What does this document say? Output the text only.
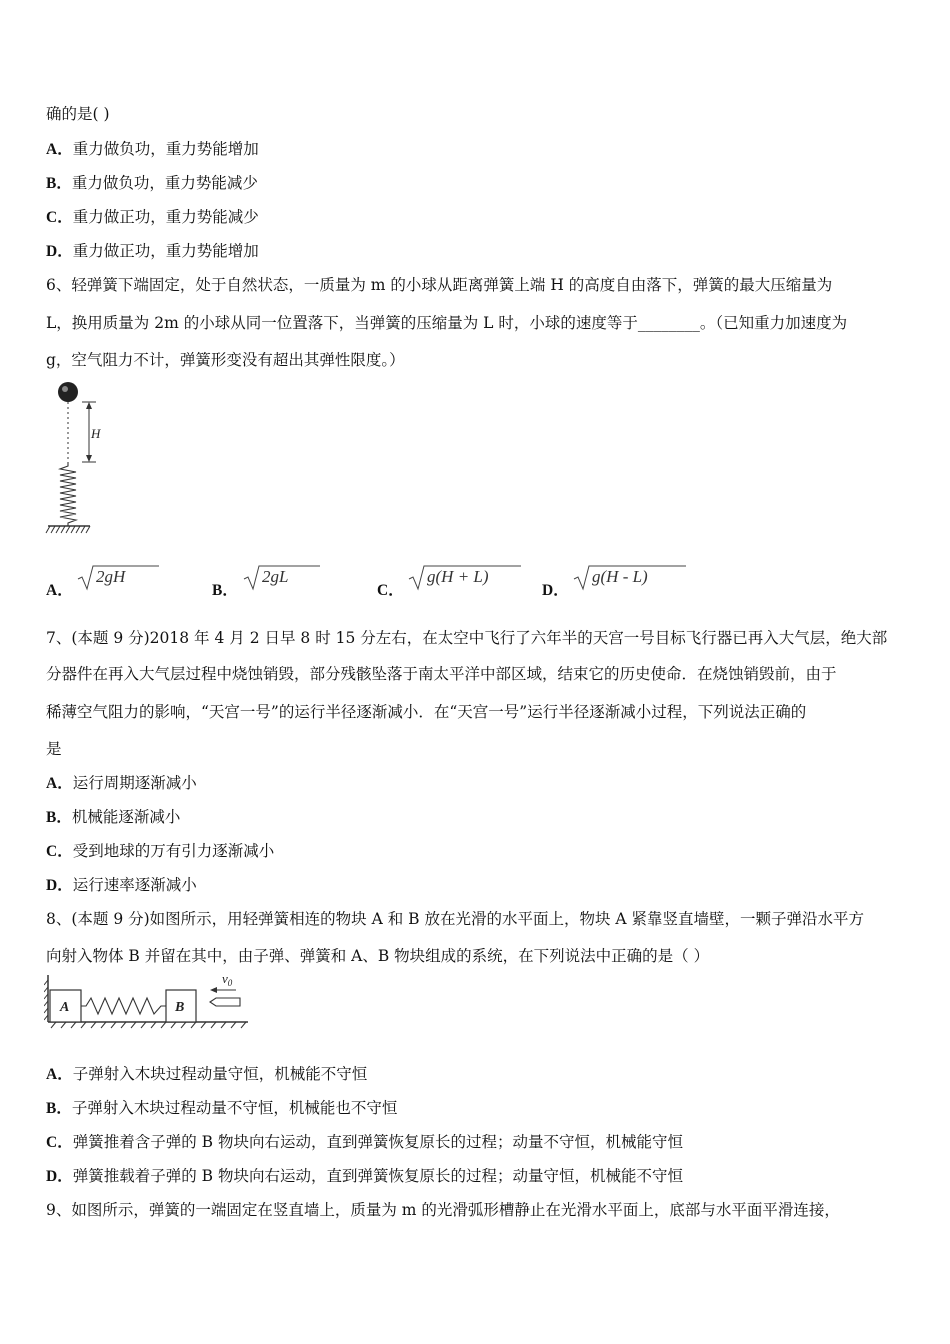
确的是( )
A．重力做负功，重力势能增加
B．重力做负功，重力势能减少
C．重力做正功，重力势能减少
D．重力做正功，重力势能增加
6、轻弹簧下端固定，处于自然状态，一质量为 m 的小球从距离弹簧上端 H 的高度自由落下，弹簧的最大压缩量为
L，换用质量为 2m 的小球从同一位置落下，当弹簧的压缩量为 L 时，小球的速度等于________。（已知重力加速度为
g，空气阻力不计，弹簧形变没有超出其弹性限度。）
H
A．
2gH
B．
2gL
C．
g(H + L)
D．
g(H - L)
7、(本题 9 分)2018 年 4 月 2 日早 8 时 15 分左右，在太空中飞行了六年半的天宫一号目标飞行器已再入大气层，绝大部
分器件在再入大气层过程中烧蚀销毁，部分残骸坠落于南太平洋中部区域，结束它的历史使命．在烧蚀销毁前，由于
稀薄空气阻力的影响，“天宫一号”的运行半径逐渐减小．在“天宫一号”运行半径逐渐减小过程，下列说法正确的
是
A．运行周期逐渐减小
B．机械能逐渐减小
C．受到地球的万有引力逐渐减小
D．运行速率逐渐减小
8、(本题 9 分)如图所示，用轻弹簧相连的物块 A 和 B 放在光滑的水平面上，物块 A 紧靠竖直墙壁，一颗子弹沿水平方
向射入物体 B 并留在其中，由子弹、弹簧和 A、B 物块组成的系统，在下列说法中正确的是（ ）
A	B
$v_0$
A．子弹射入木块过程动量守恒，机械能不守恒
B．子弹射入木块过程动量不守恒，机械能也不守恒
C．弹簧推着含子弹的 B 物块向右运动，直到弹簧恢复原长的过程；动量不守恒，机械能守恒
D．弹簧推载着子弹的 B 物块向右运动，直到弹簧恢复原长的过程；动量守恒，机械能不守恒
9、如图所示，弹簧的一端固定在竖直墙上，质量为 m 的光滑弧形槽静止在光滑水平面上，底部与水平面平滑连接，
